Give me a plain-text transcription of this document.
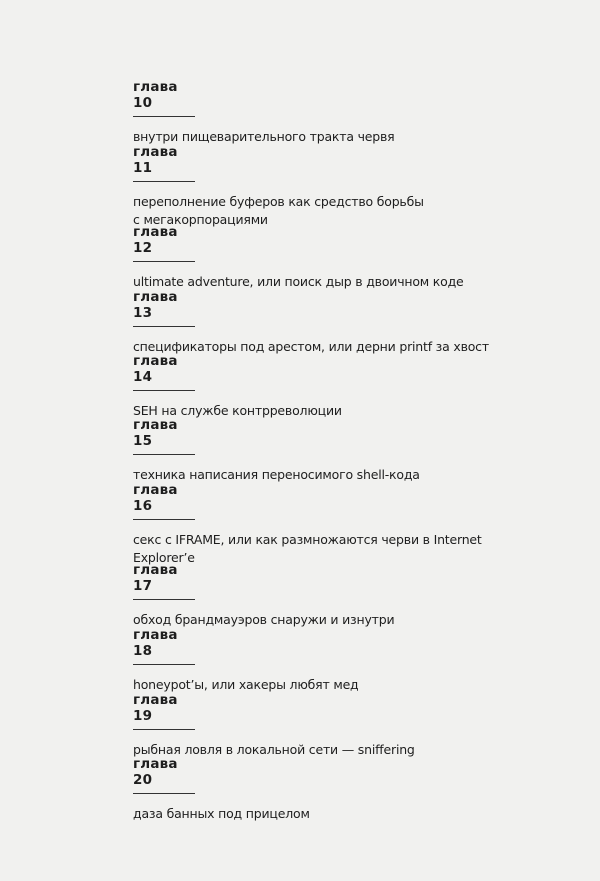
глава 10
внутри пищеварительного тракта червя
глава 11
переполнение буферов как средство борьбы
с мегакорпорациями
глава 12
ultimate adventure, или поиск дыр в двоичном коде
глава 13
спецификаторы под арестом, или дерни printf за хвост
глава 14
SEH на службе контрреволюции
глава 15
техника написания переносимого shell-кода
глава 16
секс с IFRAME, или как размножаются черви в Internet
Explorer’e
глава 17
обход брандмауэров снаружи и изнутри
глава 18
honeypot’ы, или хакеры любят мед
глава 19
рыбная ловля в локальной сети — sniffering
глава 20
даза банных под прицелом
